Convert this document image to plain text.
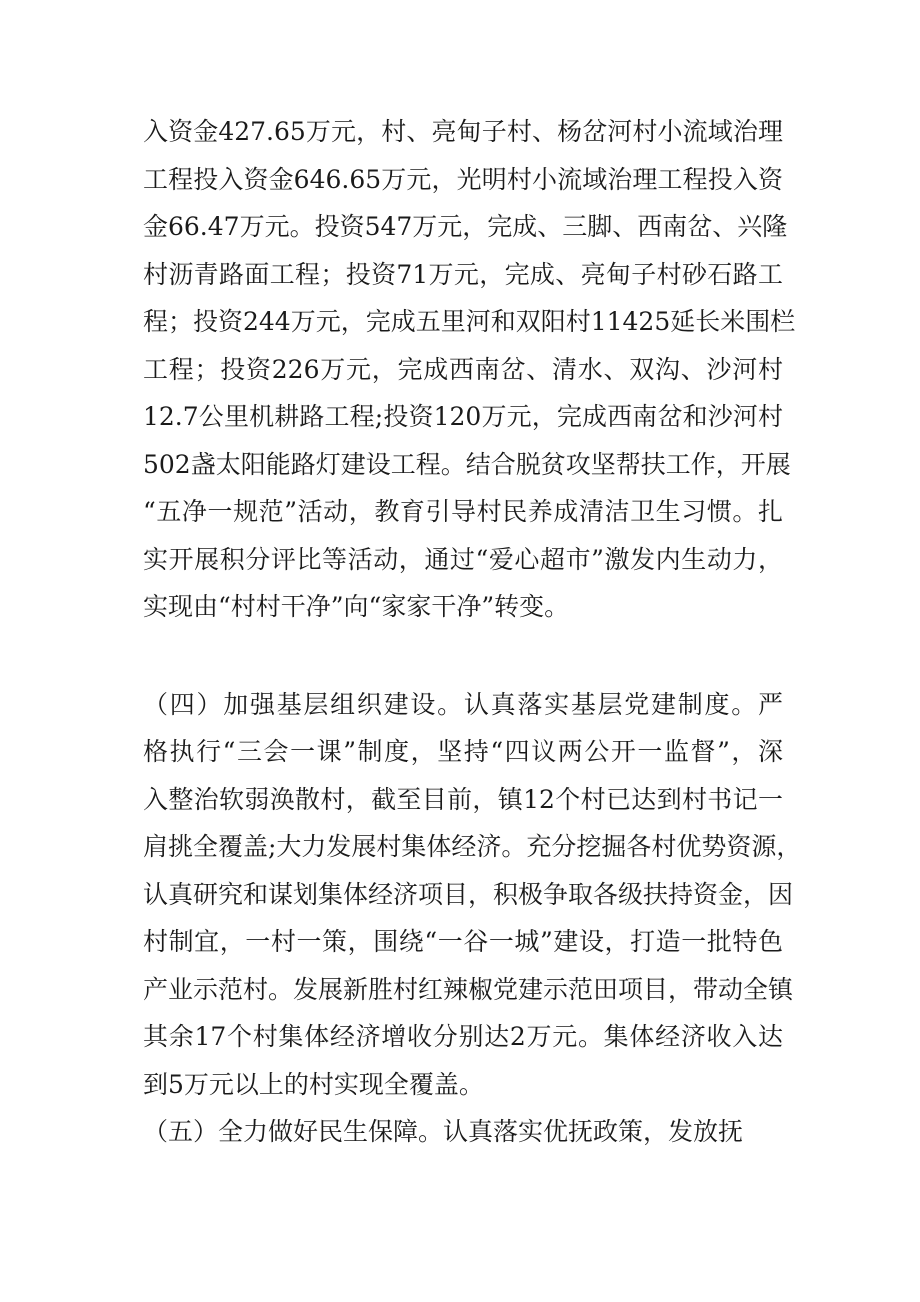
入资金427.65万元，村、亮甸子村、杨岔河村小流域治理
工程投入资金646.65万元，光明村小流域治理工程投入资
金66.47万元。投资547万元，完成、三脚、西南岔、兴隆
村沥青路面工程；投资71万元，完成、亮甸子村砂石路工
程；投资244万元，完成五里河和双阳村11425延长米围栏
工程；投资226万元，完成西南岔、清水、双沟、沙河村
12.7公里机耕路工程;投资120万元，完成西南岔和沙河村
502盏太阳能路灯建设工程。结合脱贫攻坚帮扶工作，开展
“五净一规范”活动，教育引导村民养成清洁卫生习惯。扎
实开展积分评比等活动，通过“爱心超市”激发内生动力，
实现由“村村干净”向“家家干净”转变。
（四）加强基层组织建设。认真落实基层党建制度。严
格执行“三会一课”制度，坚持“四议两公开一监督”，深
入整治软弱涣散村，截至目前，镇12个村已达到村书记一
肩挑全覆盖;大力发展村集体经济。充分挖掘各村优势资源，
认真研究和谋划集体经济项目，积极争取各级扶持资金，因
村制宜，一村一策，围绕“一谷一城”建设，打造一批特色
产业示范村。发展新胜村红辣椒党建示范田项目，带动全镇
其余17个村集体经济增收分别达2万元。集体经济收入达
到5万元以上的村实现全覆盖。
（五）全力做好民生保障。认真落实优抚政策，发放抚
